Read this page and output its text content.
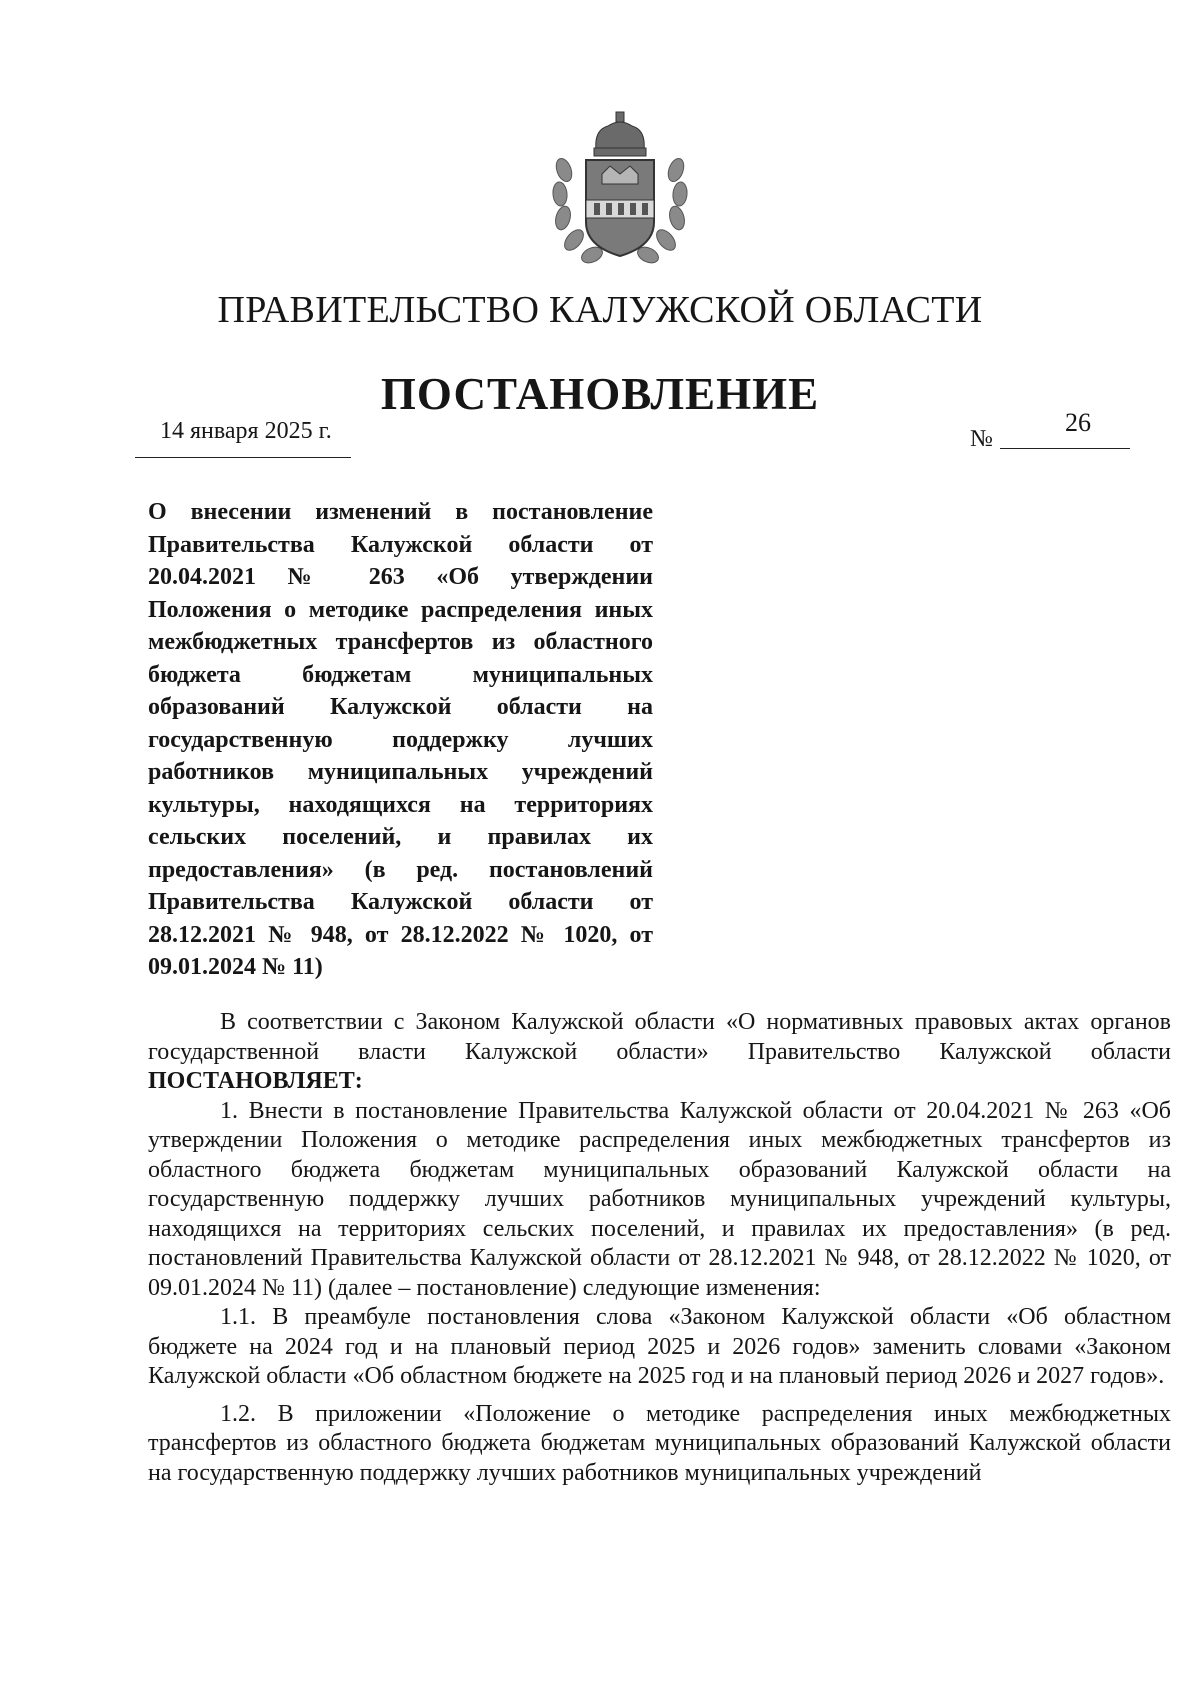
ПРАВИТЕЛЬСТВО КАЛУЖСКОЙ ОБЛАСТИ
ПОСТАНОВЛЕНИЕ
14 января 2025 г.	№
26

О внесении изменений в постановление Правительства Калужской области от 20.04.2021 № 263 «Об утверждении Положения о методике распределения иных межбюджетных трансфертов из областного бюджета бюджетам муниципальных образований Калужской области на государственную поддержку лучших работников муниципальных учреждений культуры, находящихся на территориях сельских поселений, и правилах их предоставления» (в ред. постановлений Правительства Калужской области от 28.12.2021 № 948, от 28.12.2022 № 1020, от 09.01.2024 № 11)

В соответствии с Законом Калужской области «О нормативных правовых актах органов государственной власти Калужской области» Правительство Калужской области ПОСТАНОВЛЯЕТ:

1. Внести в постановление Правительства Калужской области от 20.04.2021 № 263 «Об утверждении Положения о методике распределения иных межбюджетных трансфертов из областного бюджета бюджетам муниципальных образований Калужской области на государственную поддержку лучших работников муниципальных учреждений культуры, находящихся на территориях сельских поселений, и правилах их предоставления» (в ред. постановлений Правительства Калужской области от 28.12.2021 № 948, от 28.12.2022 № 1020, от 09.01.2024 № 11) (далее – постановление) следующие изменения:

1.1. В преамбуле постановления слова «Законом Калужской области «Об областном бюджете на 2024 год и на плановый период 2025 и 2026 годов» заменить словами «Законом Калужской области «Об областном бюджете на 2025 год и на плановый период 2026 и 2027 годов».

1.2. В приложении «Положение о методике распределения иных межбюджетных трансфертов из областного бюджета бюджетам муниципальных образований Калужской области на государственную поддержку лучших работников муниципальных учреждений
